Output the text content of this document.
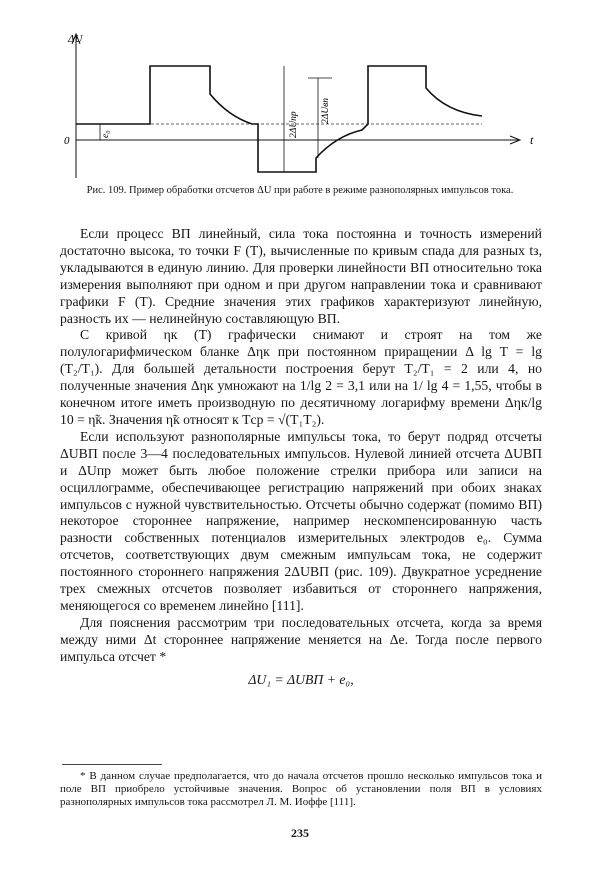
ΔU
t
0
e₀	2ΔUпр
2ΔUвп
Рис. 109. Пример обработки отсчетов ΔU при работе в режиме разнополярных импульсов тока.

Если процесс ВП линейный, сила тока постоянна и точность измерений достаточно высока, то точки F (T), вычисленные по кривым спада для разных tз, укладываются в единую линию. Для проверки линейности ВП относительно тока измерения выполняют при одном и при другом направлении тока и сравнивают графики F (T). Средние значения этих графиков характеризуют линейную, разность их — нелинейную составляющую ВП.

С кривой ηк (T) графически снимают и строят на том же полулогарифмическом бланке Δηк при постоянном приращении Δ lg T = lg (T₂/T₁). Для большей детальности построения берут T₂/T₁ = 2 или 4, но полученные значения Δηк умножают на 1/lg 2 = 3,1 или на 1/ lg 4 = 1,55, чтобы в конечном итоге иметь производную по десятичному логарифму времени Δηк/lg 10 = η̃к. Значения η̃к относят к Tср = √(T₁T₂).

Если используют разнополярные импульсы тока, то берут подряд отсчеты ΔUВП после 3—4 последовательных импульсов. Нулевой линией отсчета ΔUВП и ΔUпр может быть любое положение стрелки прибора или записи на осциллограмме, обеспечивающее регистрацию напряжений при обоих знаках импульсов с нужной чувствительностью. Отсчеты обычно содержат (помимо ВП) некоторое стороннее напряжение, например нескомпенсированную часть разности собственных потенциалов измерительных электродов e₀. Сумма отсчетов, соответствующих двум смежным импульсам тока, не содержит постоянного стороннего напряжения 2ΔUВП (рис. 109). Двукратное усреднение трех смежных отсчетов позволяет избавиться от стороннего напряжения, меняющегося со временем линейно [111].

Для пояснения рассмотрим три последовательных отсчета, когда за время между ними Δt стороннее напряжение меняется на Δe. Тогда после первого импульса отсчет *

ΔU₁ = ΔUВП + e₀,

* В данном случае предполагается, что до начала отсчетов прошло несколько импульсов тока и поле ВП приобрело устойчивые значения. Вопрос об установлении поля ВП в условиях разнополярных импульсов тока рассмотрел Л. М. Иоффе [111].

235
